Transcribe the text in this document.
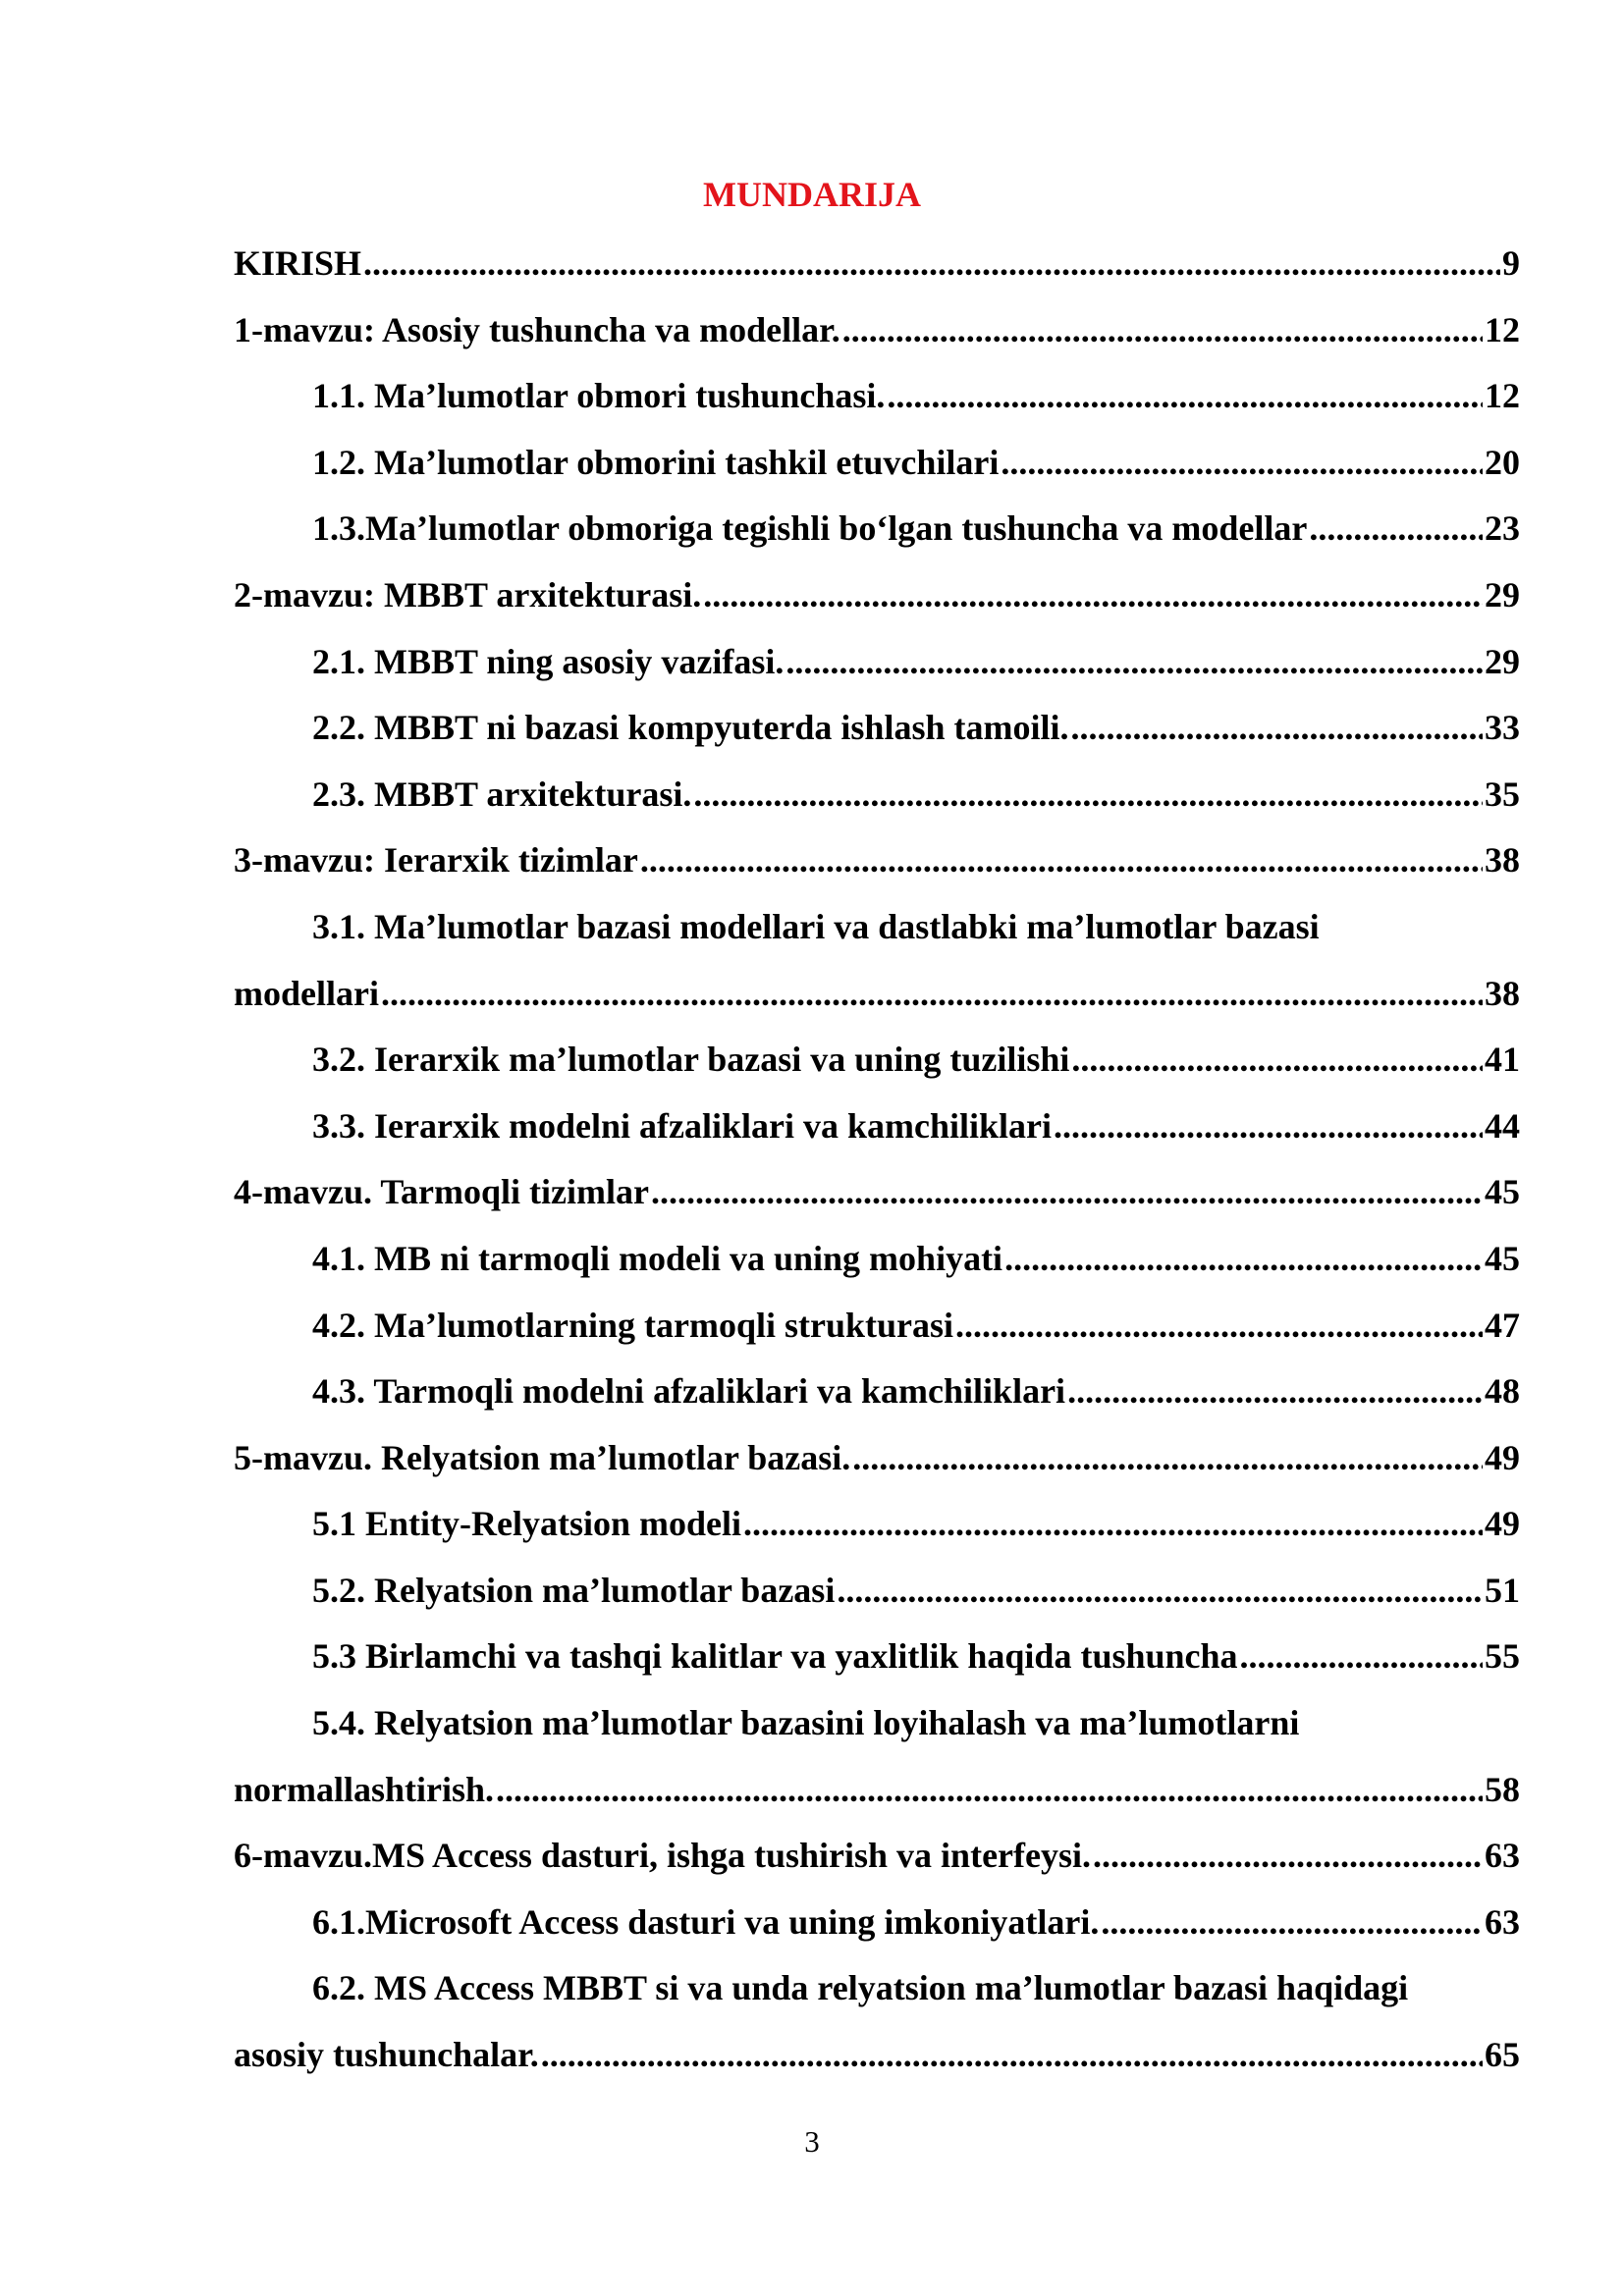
MUNDARIJA
KIRISH .....	9
1-mavzu: Asosiy tushuncha va modellar. .....	12
1.1. Ma’lumotlar obmori tushunchasi. .....	12
1.2. Ma’lumotlar obmorini tashkil etuvchilari .....	20
1.3.Ma’lumotlar obmoriga tegishli bo‘lgan tushuncha va modellar .....	23
2-mavzu: MBBT arxitekturasi. .....	29
2.1. MBBT ning asosiy vazifasi. .....	29
2.2. MBBT ni bazasi kompyuterda ishlash tamoili. .....	33
2.3. MBBT arxitekturasi. .....	35
3-mavzu: Ierarxik tizimlar .....	38
3.1. Ma’lumotlar bazasi modellari va dastlabki ma’lumotlar bazasi
modellari .....	38
3.2. Ierarxik ma’lumotlar bazasi va uning tuzilishi .....	41
3.3. Ierarxik modelni afzaliklari va kamchiliklari .....	44
4-mavzu. Tarmoqli tizimlar .....	45
4.1. MB ni tarmoqli modeli va uning mohiyati .....	45
4.2. Ma’lumotlarning tarmoqli strukturasi .....	47
4.3. Tarmoqli modelni afzaliklari va kamchiliklari .....	48
5-mavzu. Relyatsion ma’lumotlar bazasi. .....	49
5.1 Entity-Relyatsion modeli .....	49
5.2. Relyatsion ma’lumotlar bazasi .....	51
5.3 Birlamchi va tashqi kalitlar va yaxlitlik haqida tushuncha .....	55
5.4. Relyatsion ma’lumotlar bazasini loyihalash va ma’lumotlarni
normallashtirish. .....	58
6-mavzu.MS Access dasturi, ishga tushirish va interfeysi. .....	63
6.1.Microsoft Access dasturi va uning imkoniyatlari. .....	63
6.2. MS Access MBBT si va unda relyatsion ma’lumotlar bazasi haqidagi
asosiy tushunchalar. .....	65
3
